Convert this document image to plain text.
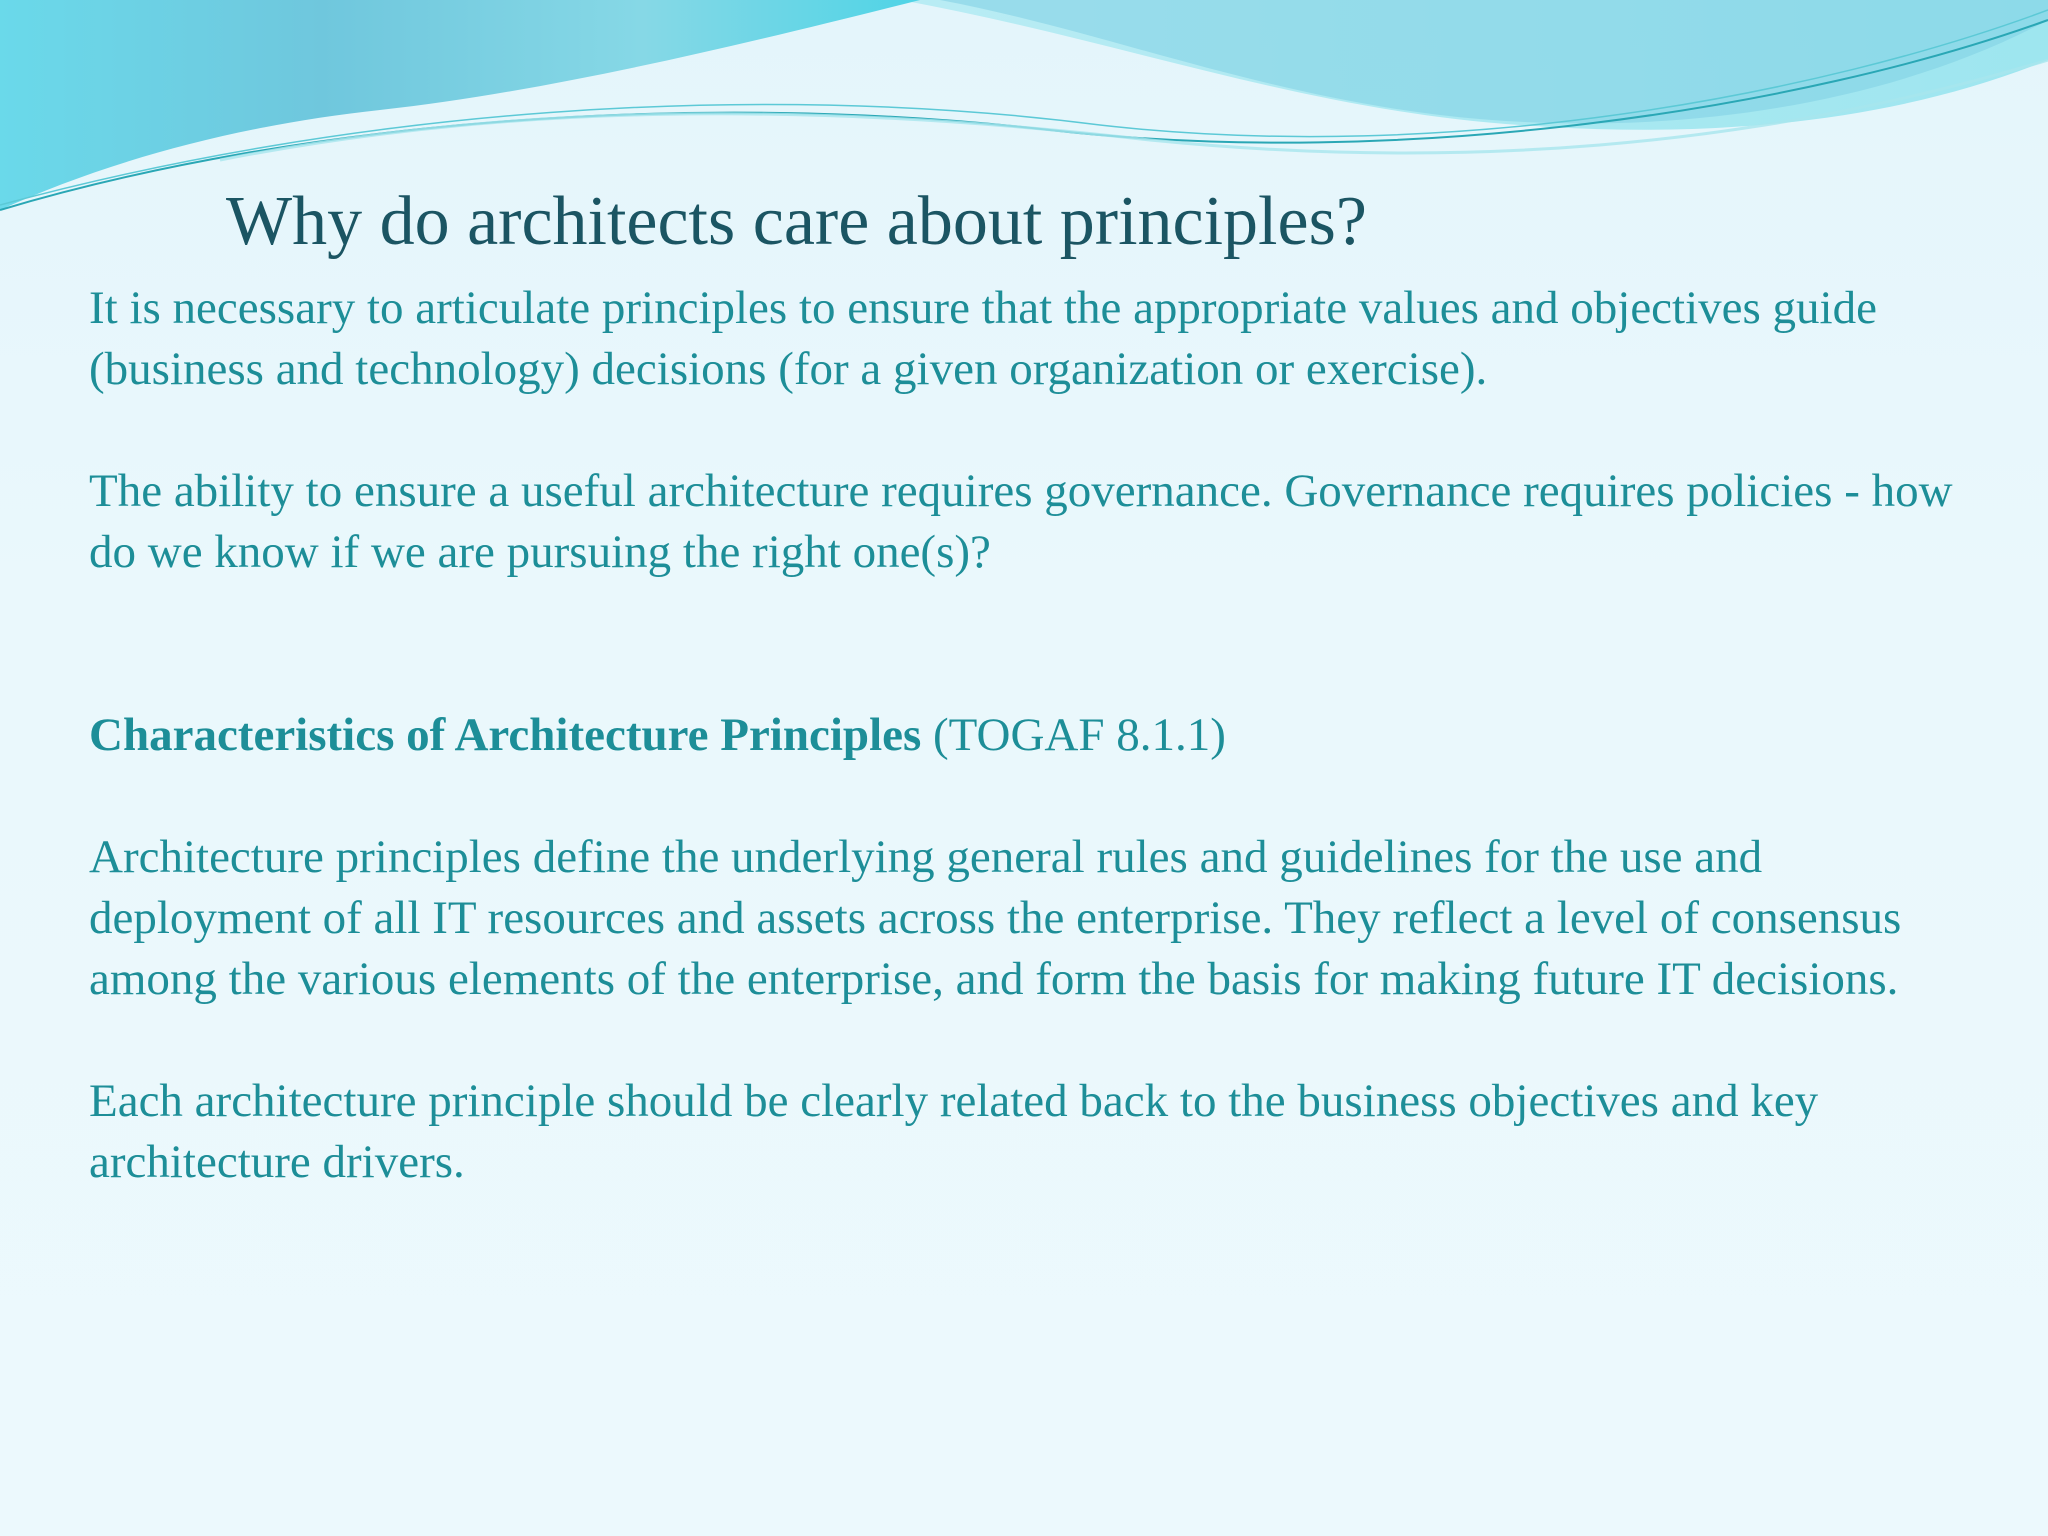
Why do architects care about principles?

It is necessary to articulate principles to ensure that the appropriate values and objectives guide (business and technology) decisions (for a given organization or exercise).

The ability to ensure a useful architecture requires governance. Governance requires policies - how do we know if we are pursuing the right one(s)?

Characteristics of Architecture Principles (TOGAF 8.1.1)

Architecture principles define the underlying general rules and guidelines for the use and deployment of all IT resources and assets across the enterprise. They reflect a level of consensus among the various elements of the enterprise, and form the basis for making future IT decisions.

Each architecture principle should be clearly related back to the business objectives and key architecture drivers.
